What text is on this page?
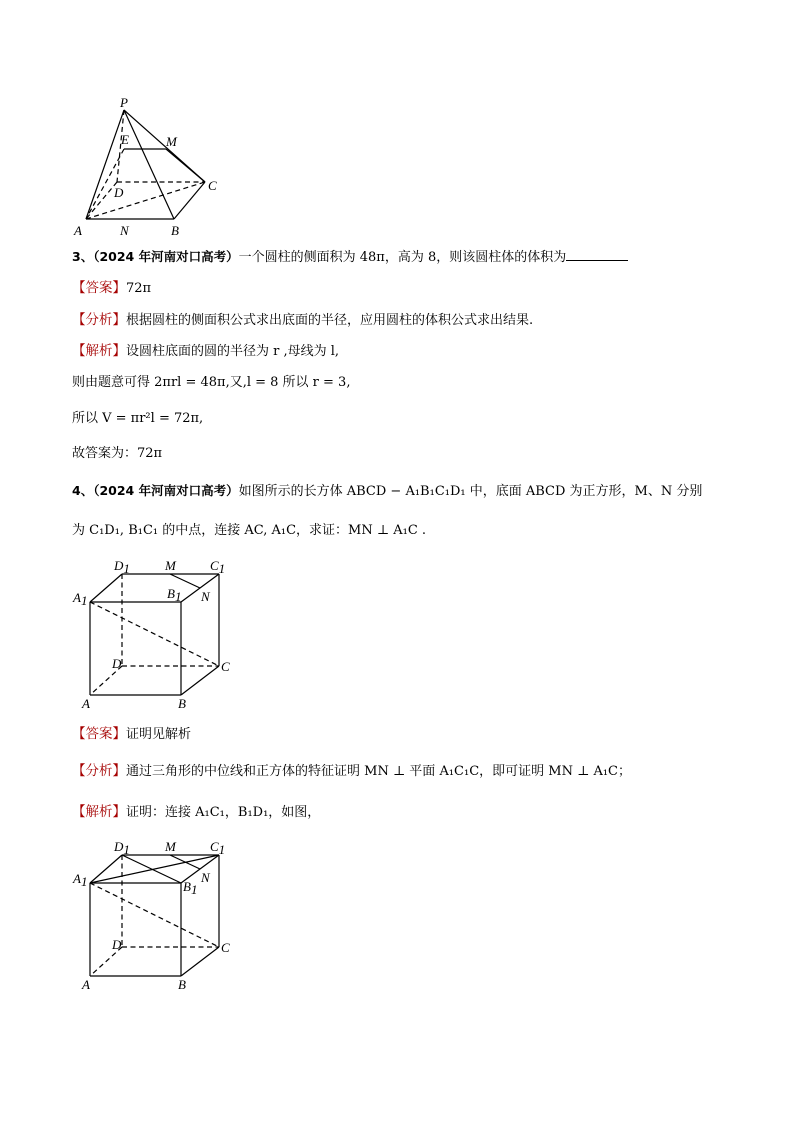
P
E	M
D	C
A	N	B
3、（2024 年河南对口高考）一个圆柱的侧面积为 48π，高为 8，则该圆柱体的体积为
【答案】72π
【分析】根据圆柱的侧面积公式求出底面的半径，应用圆柱的体积公式求出结果.
【解析】设圆柱底面的圆的半径为 r ,母线为 l,
则由题意可得 2πrl = 48π,又,l = 8 所以 r = 3,
所以 V = πr²l = 72π,
故答案为：72π
4、（2024 年河南对口高考）如图所示的长方体 ABCD − A₁B₁C₁D₁ 中，底面 ABCD 为正方形，M、N 分别
为 C₁D₁, B₁C₁ 的中点，连接 AC, A₁C，求证：MN ⊥ A₁C .
D1	M	C1
A1	B1 N
D	C
A	B
【答案】证明见解析
【分析】通过三角形的中位线和正方体的特征证明 MN ⊥ 平面 A₁C₁C，即可证明 MN ⊥ A₁C；
【解析】证明：连接 A₁C₁，B₁D₁，如图，
D1	M	C1
A1	B1
N
D	C
A	B
